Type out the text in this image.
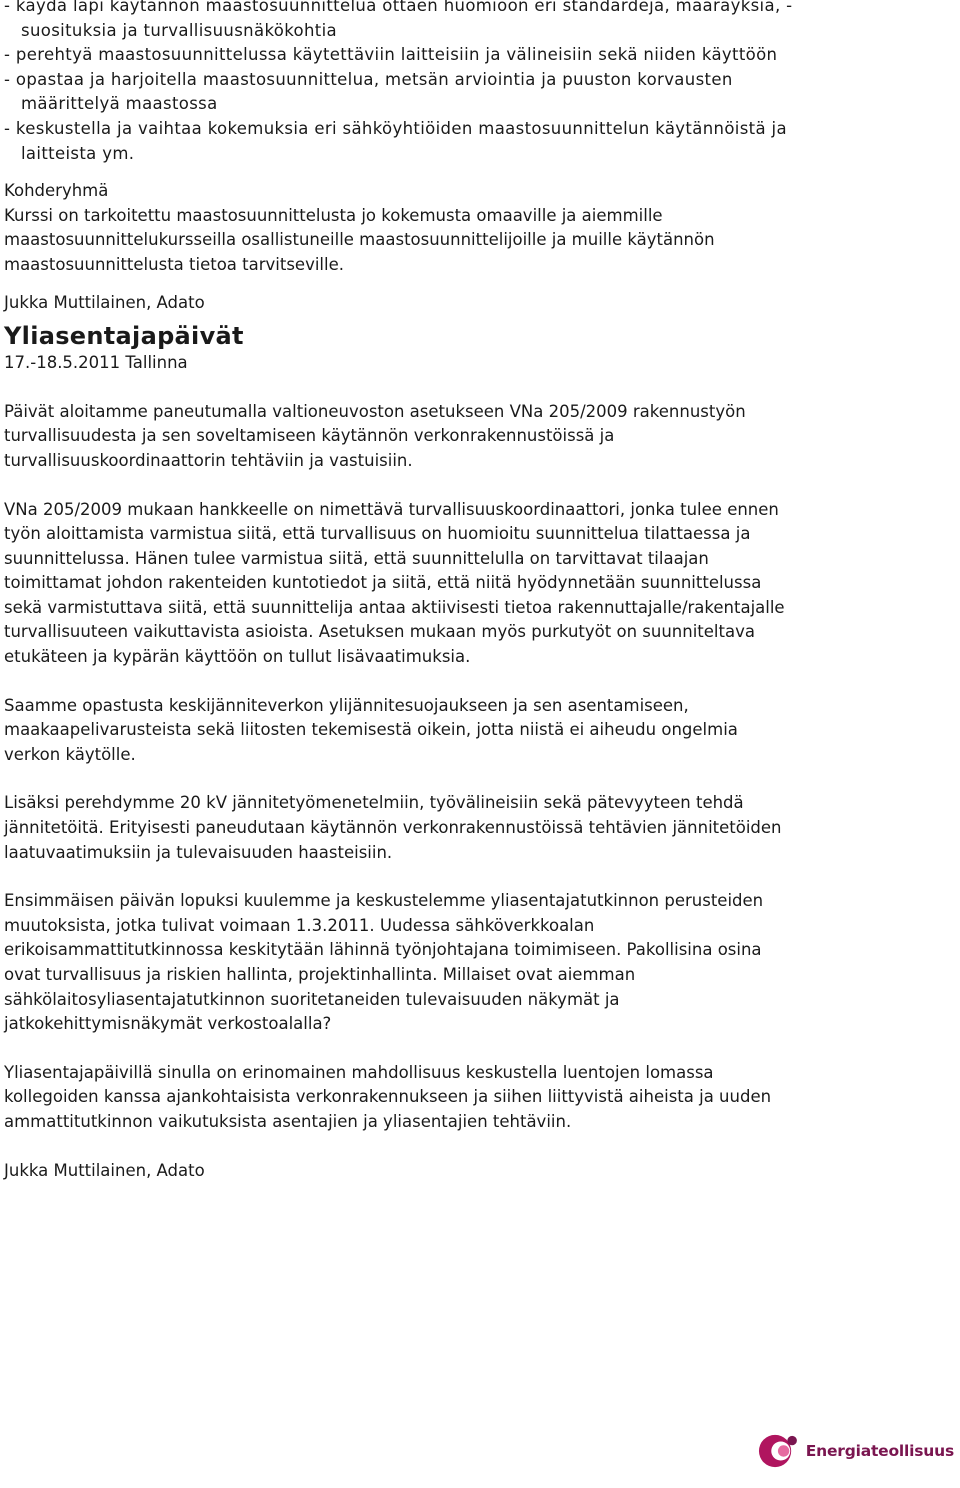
- käydä läpi käytännön maastosuunnittelua ottaen huomioon eri standardeja, määräyksiä, -
suosituksia ja turvallisuusnäkökohtia
- perehtyä maastosuunnittelussa käytettäviin laitteisiin ja välineisiin sekä niiden käyttöön
- opastaa ja harjoitella maastosuunnittelua, metsän arviointia ja puuston korvausten
määrittelyä maastossa
- keskustella ja vaihtaa kokemuksia eri sähköyhtiöiden maastosuunnittelun käytännöistä ja
laitteista ym.
Kohderyhmä
Kurssi on tarkoitettu maastosuunnittelusta jo kokemusta omaaville ja aiemmille
maastosuunnittelukursseilla osallistuneille maastosuunnittelijoille ja muille käytännön
maastosuunnittelusta tietoa tarvitseville.
Jukka Muttilainen, Adato
Yliasentajapäivät
17.-18.5.2011 Tallinna
Päivät aloitamme paneutumalla valtioneuvoston asetukseen VNa 205/2009 rakennustyön
turvallisuudesta ja sen soveltamiseen käytännön verkonrakennustöissä ja
turvallisuuskoordinaattorin tehtäviin ja vastuisiin.
VNa 205/2009 mukaan hankkeelle on nimettävä turvallisuuskoordinaattori, jonka tulee ennen
työn aloittamista varmistua siitä, että turvallisuus on huomioitu suunnittelua tilattaessa ja
suunnittelussa. Hänen tulee varmistua siitä, että suunnittelulla on tarvittavat tilaajan
toimittamat johdon rakenteiden kuntotiedot ja siitä, että niitä hyödynnetään suunnittelussa
sekä varmistuttava siitä, että suunnittelija antaa aktiivisesti tietoa rakennuttajalle/rakentajalle
turvallisuuteen vaikuttavista asioista. Asetuksen mukaan myös purkutyöt on suunniteltava
etukäteen ja kypärän käyttöön on tullut lisävaatimuksia.
Saamme opastusta keskijänniteverkon ylijännitesuojaukseen ja sen asentamiseen,
maakaapelivarusteista sekä liitosten tekemisestä oikein, jotta niistä ei aiheudu ongelmia
verkon käytölle.
Lisäksi perehdymme 20 kV jännitetyömenetelmiin, työvälineisiin sekä pätevyyteen tehdä
jännitetöitä. Erityisesti paneudutaan käytännön verkonrakennustöissä tehtävien jännitetöiden
laatuvaatimuksiin ja tulevaisuuden haasteisiin.
Ensimmäisen päivän lopuksi kuulemme ja keskustelemme yliasentajatutkinnon perusteiden
muutoksista, jotka tulivat voimaan 1.3.2011. Uudessa sähköverkkoalan
erikoisammattitutkinnossa keskitytään lähinnä työnjohtajana toimimiseen. Pakollisina osina
ovat turvallisuus ja riskien hallinta, projektinhallinta. Millaiset ovat aiemman
sähkölaitosyliasentajatutkinnon suoritetaneiden tulevaisuuden näkymät ja
jatkokehittymisnäkymät verkostoalalla?
Yliasentajapäivillä sinulla on erinomainen mahdollisuus keskustella luentojen lomassa
kollegoiden kanssa ajankohtaisista verkonrakennukseen ja siihen liittyvistä aiheista ja uuden
ammattitutkinnon vaikutuksista asentajien ja yliasentajien tehtäviin.
Jukka Muttilainen, Adato
Energiateollisuus
